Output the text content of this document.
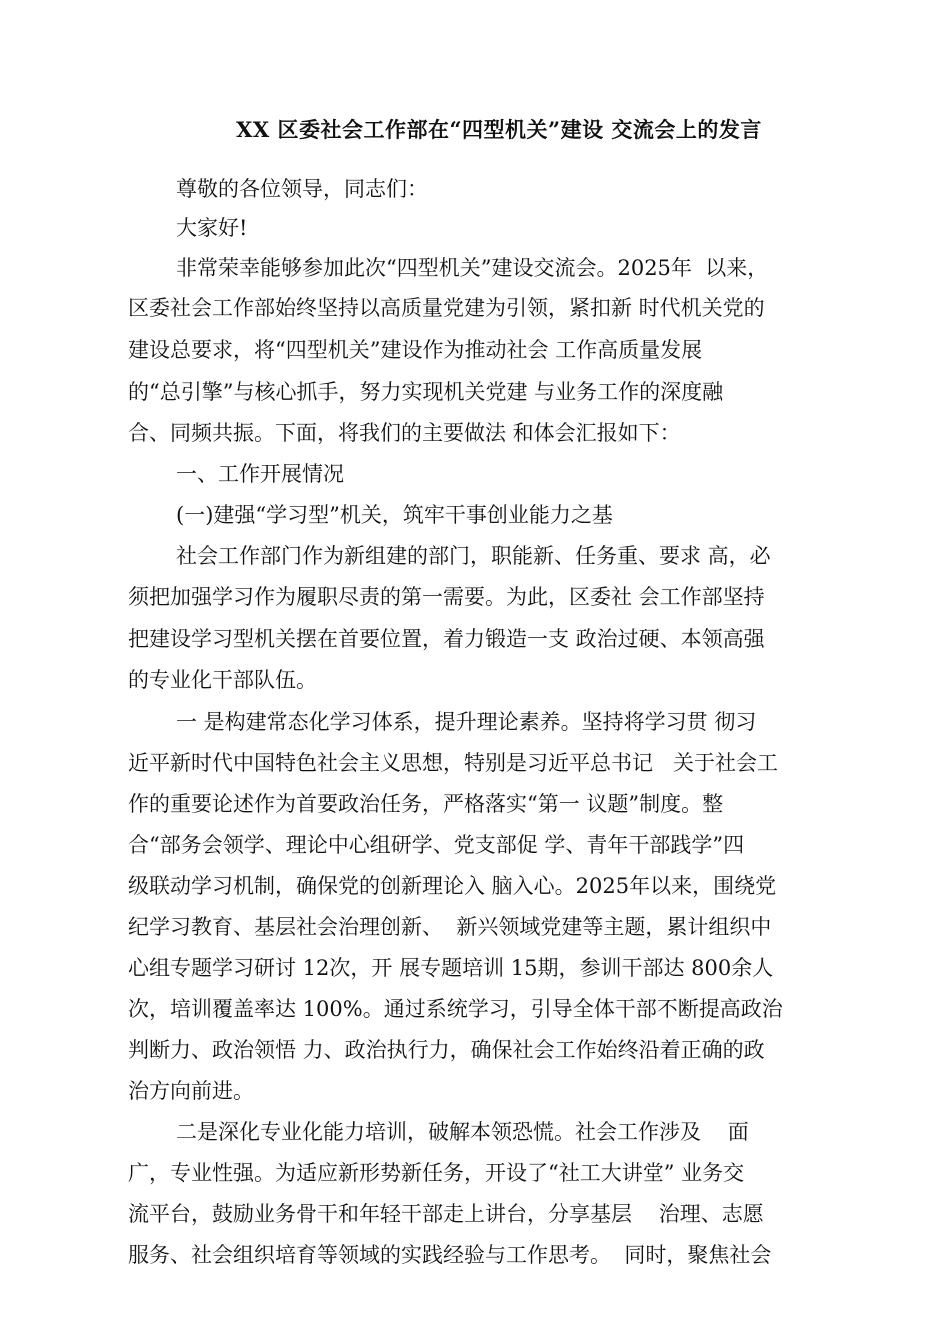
XX 区委社会工作部在“四型机关”建设 交流会上的发言
尊敬的各位领导，同志们：
大家好!
非常荣幸能够参加此次“四型机关”建设交流会。2025年  以来，
区委社会工作部始终坚持以高质量党建为引领，紧扣新 时代机关党的
建设总要求，将“四型机关”建设作为推动社会 工作高质量发展
的“总引擎”与核心抓手，努力实现机关党建 与业务工作的深度融
合、同频共振。下面，将我们的主要做法 和体会汇报如下：
一、工作开展情况
(一)建强“学习型”机关，筑牢干事创业能力之基
社会工作部门作为新组建的部门，职能新、任务重、要求 高，必
须把加强学习作为履职尽责的第一需要。为此，区委社 会工作部坚持
把建设学习型机关摆在首要位置，着力锻造一支 政治过硬、本领高强
的专业化干部队伍。
一 是构建常态化学习体系，提升理论素养。坚持将学习贯 彻习
近平新时代中国特色社会主义思想，特别是习近平总书记   关于社会工
作的重要论述作为首要政治任务，严格落实“第一 议题”制度。整
合“部务会领学、理论中心组研学、党支部促 学、青年干部践学”四
级联动学习机制，确保党的创新理论入 脑入心。2025年以来，围绕党
纪学习教育、基层社会治理创新、  新兴领域党建等主题，累计组织中
心组专题学习研讨 12次，开 展专题培训 15期，参训干部达 800余人
次，培训覆盖率达 100%。通过系统学习，引导全体干部不断提高政治
判断力、政治领悟 力、政治执行力，确保社会工作始终沿着正确的政
治方向前进。
二是深化专业化能力培训，破解本领恐慌。社会工作涉及    面
广，专业性强。为适应新形势新任务，开设了“社工大讲堂” 业务交
流平台，鼓励业务骨干和年轻干部走上讲台，分享基层    治理、志愿
服务、社会组织培育等领域的实践经验与工作思考。  同时，聚焦社会
